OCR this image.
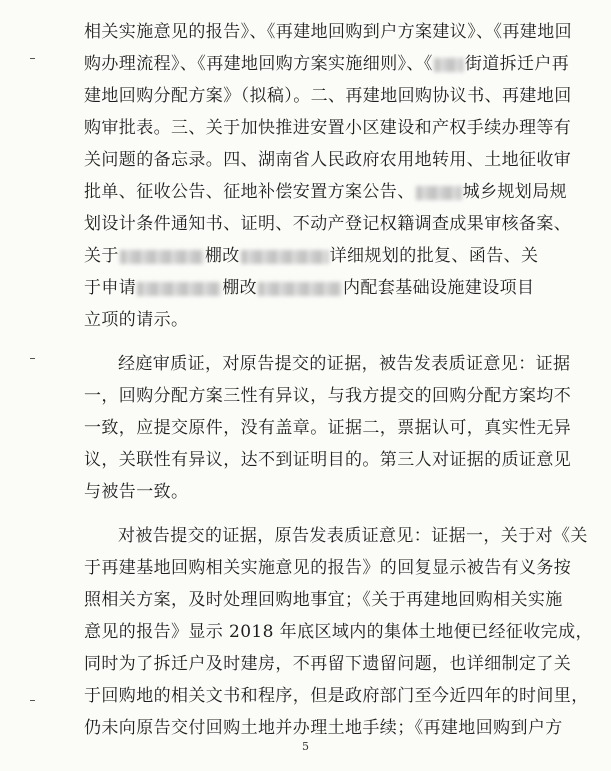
相关实施意见的报告》、《再建地回购到户方案建议》、《再建地回
购办理流程》、《再建地回购方案实施细则》、《 街道拆迁户再
建地回购分配方案》（拟稿）。二、再建地回购协议书、再建地回
购审批表。三、关于加快推进安置小区建设和产权手续办理等有
关问题的备忘录。四、湖南省人民政府农用地转用、土地征收审
批单、征收公告、征地补偿安置方案公告、	城乡规划局规
划设计条件通知书、证明、不动产登记权籍调查成果审核备案、
关于	棚改	详细规划的批复、函告、关
于申请	棚改	内配套基础设施建设项目
立项的请示。
经庭审质证，对原告提交的证据，被告发表质证意见：证据
一，回购分配方案三性有异议，与我方提交的回购分配方案均不
一致，应提交原件，没有盖章。证据二，票据认可，真实性无异
议，关联性有异议，达不到证明目的。第三人对证据的质证意见
与被告一致。
对被告提交的证据，原告发表质证意见：证据一，关于对《关
于再建基地回购相关实施意见的报告》的回复显示被告有义务按
照相关方案，及时处理回购地事宜；《关于再建地回购相关实施
意见的报告》显示 2018 年底区域内的集体土地便已经征收完成，
同时为了拆迁户及时建房，不再留下遗留问题，也详细制定了关
于回购地的相关文书和程序，但是政府部门至今近四年的时间里，
仍未向原告交付回购土地并办理土地手续；《再建地回购到户方
5
